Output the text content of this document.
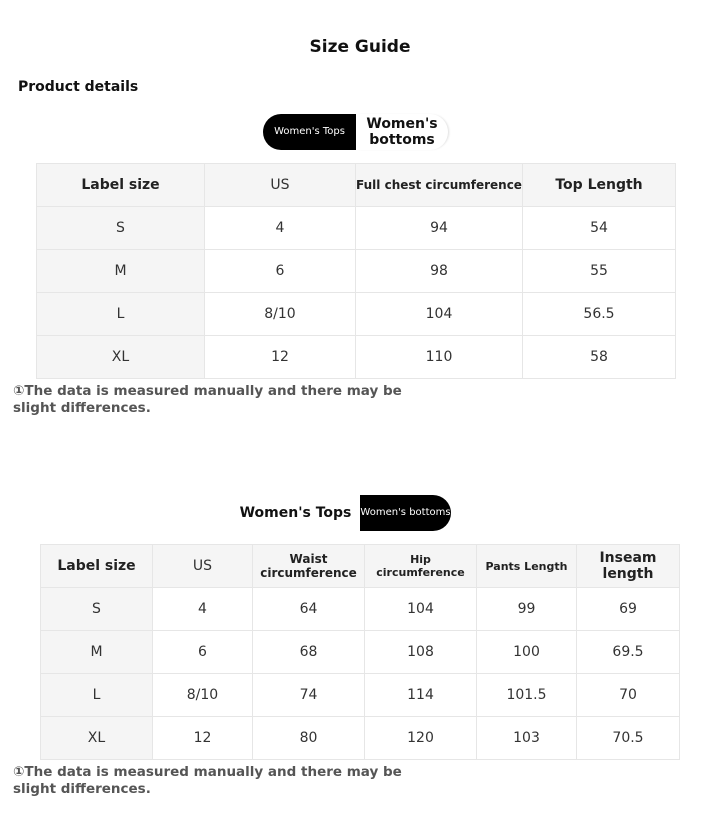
Size Guide
Product details
Women's Tops	Women's bottoms
Label size	US	Full chest circumference	Top Length
S	4	94	54
M	6	98	55
L	8/10	104	56.5
XL	12	110	58
①The data is measured manually and there may be slight differences.
Women's Tops Women's bottoms
Label size	US	Waist circumference	Hip circumference	Pants Length	Inseam length
S	4	64	104	99	69
M	6	68	108	100	69.5
L	8/10	74	114	101.5	70
XL	12	80	120	103	70.5
①The data is measured manually and there may be slight differences.
